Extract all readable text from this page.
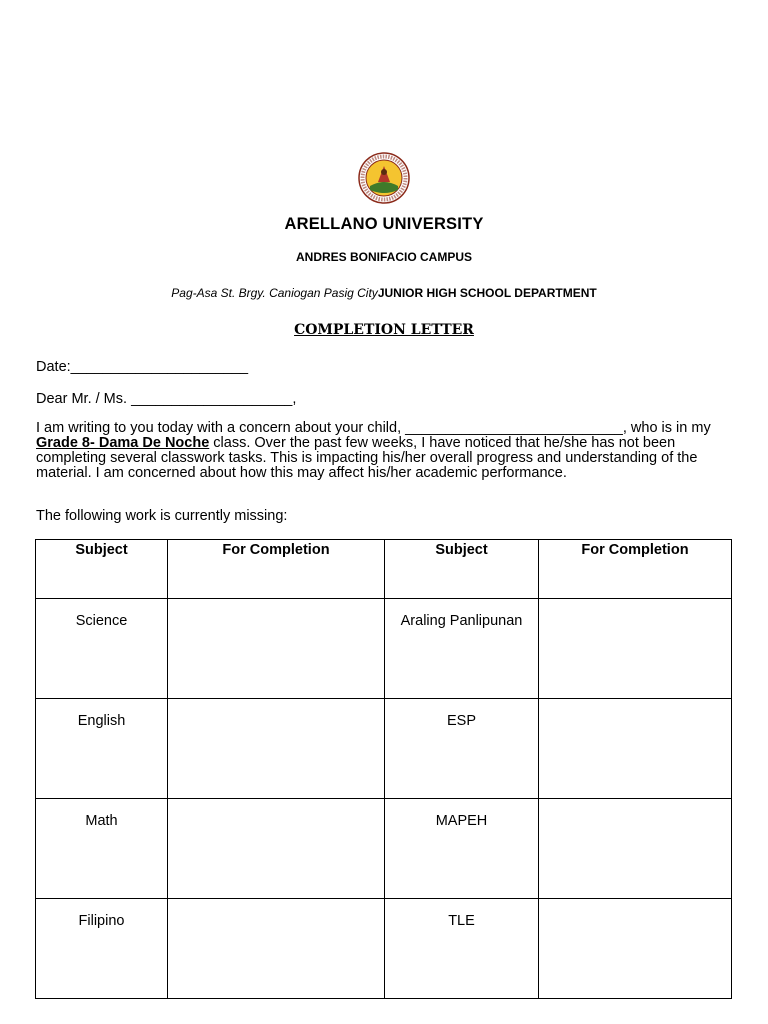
ARELLANO UNIVERSITY
ANDRES BONIFACIO CAMPUS
Pag-Asa St. Brgy. Caniogan Pasig CityJUNIOR HIGH SCHOOL DEPARTMENT
COMPLETION LETTER
Date:______________________
Dear Mr. / Ms. ____________________,
I am writing to you today with a concern about your child, ___________________________, who is in my Grade 8- Dama De Noche class. Over the past few weeks, I have noticed that he/she has not been completing several classwork tasks. This is impacting his/her overall progress and understanding of the material. I am concerned about how this may affect his/her academic performance.
The following work is currently missing:
Subject	For Completion	Subject	For Completion

Science		Araling Panlipunan	

English		ESP	

Math		MAPEH	

Filipino		TLE	
